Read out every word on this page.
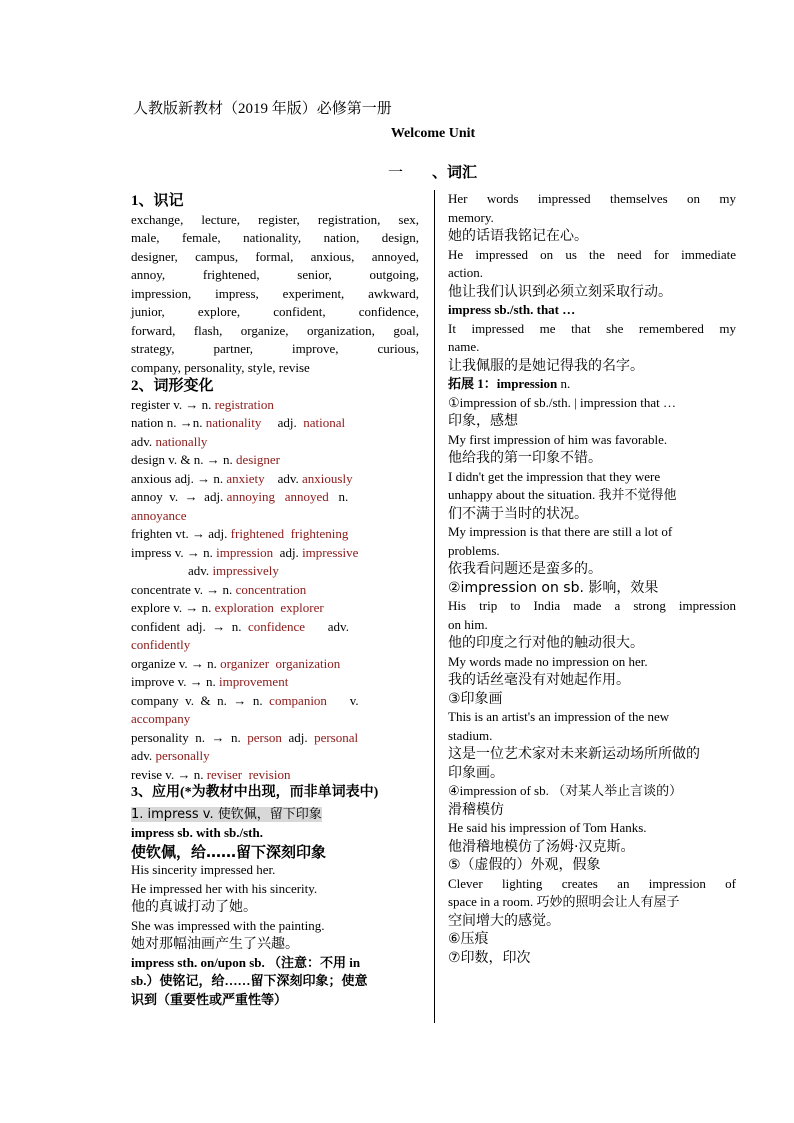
人教版新教材（2019 年版）必修第一册
Welcome Unit
一 、词汇
1、识记
exchange, lecture, register, registration, sex,
male, female, nationality, nation, design,
designer, campus, formal, anxious, annoyed,
annoy, frightened, senior, outgoing,
impression, impress, experiment, awkward,
junior, explore, confident, confidence,
forward, flash, organize, organization, goal,
strategy, partner, improve, curious,
company, personality, style, revise
2、词形变化
register v. → n. registration
nation n. →n. nationality     adj.  national
adv. nationally
design v. & n. → n. designer
anxious adj. → n. anxiety    adv. anxiously
annoy  v.  →  adj. annoying annoyed   n.
annoyance
frighten vt. → adj. frightened frightening
impress v. → n. impression  adj. impressive
adv. impressively
concentrate v. → n. concentration
explore v. → n. exploration explorer
confident  adj.  →  n.  confidence       adv.
confidently
organize v. → n. organizer organization
improve v. → n. improvement
company  v.  &  n.  →  n.  companion       v.
accompany
personality  n.  →  n.  person  adj.  personal
adv. personally
revise v. → n. reviser revision
3、应用(*为教材中出现，而非单词表中)
1. impress v. 使钦佩，留下印象
impress sb. with sb./sth.
使钦佩，给……留下深刻印象
His sincerity impressed her.
He impressed her with his sincerity.
他的真诚打动了她。
She was impressed with the painting.
她对那幅油画产生了兴趣。
impress sth. on/upon sb. （注意：不用 in
sb.）使铭记，给……留下深刻印象；使意
识到（重要性或严重性等）
Her words impressed themselves on my
memory.
她的话语我铭记在心。
He impressed on us the need for immediate
action.
他让我们认识到必须立刻采取行动。
impress sb./sth. that …
It impressed me that she remembered my
name.
让我佩服的是她记得我的名字。
拓展 1：impression n.
①impression of sb./sth. | impression that …
印象，感想
My first impression of him was favorable.
他给我的第一印象不错。
I didn't get the impression that they were
unhappy about the situation. 我并不觉得他
们不满于当时的状况。
My impression is that there are still a lot of
problems.
依我看问题还是蛮多的。
②impression on sb. 影响，效果
His trip to India made a strong impression
on him.
他的印度之行对他的触动很大。
My words made no impression on her.
我的话丝毫没有对她起作用。
③印象画
This is an artist's an impression of the new
stadium.
这是一位艺术家对未来新运动场所所做的
印象画。
④impression of sb. （对某人举止言谈的）
滑稽模仿
He said his impression of Tom Hanks.
他滑稽地模仿了汤姆·汉克斯。
⑤（虚假的）外观，假象
Clever lighting creates an impression of
space in a room. 巧妙的照明会让人有屋子
空间增大的感觉。
⑥压痕
⑦印数，印次
